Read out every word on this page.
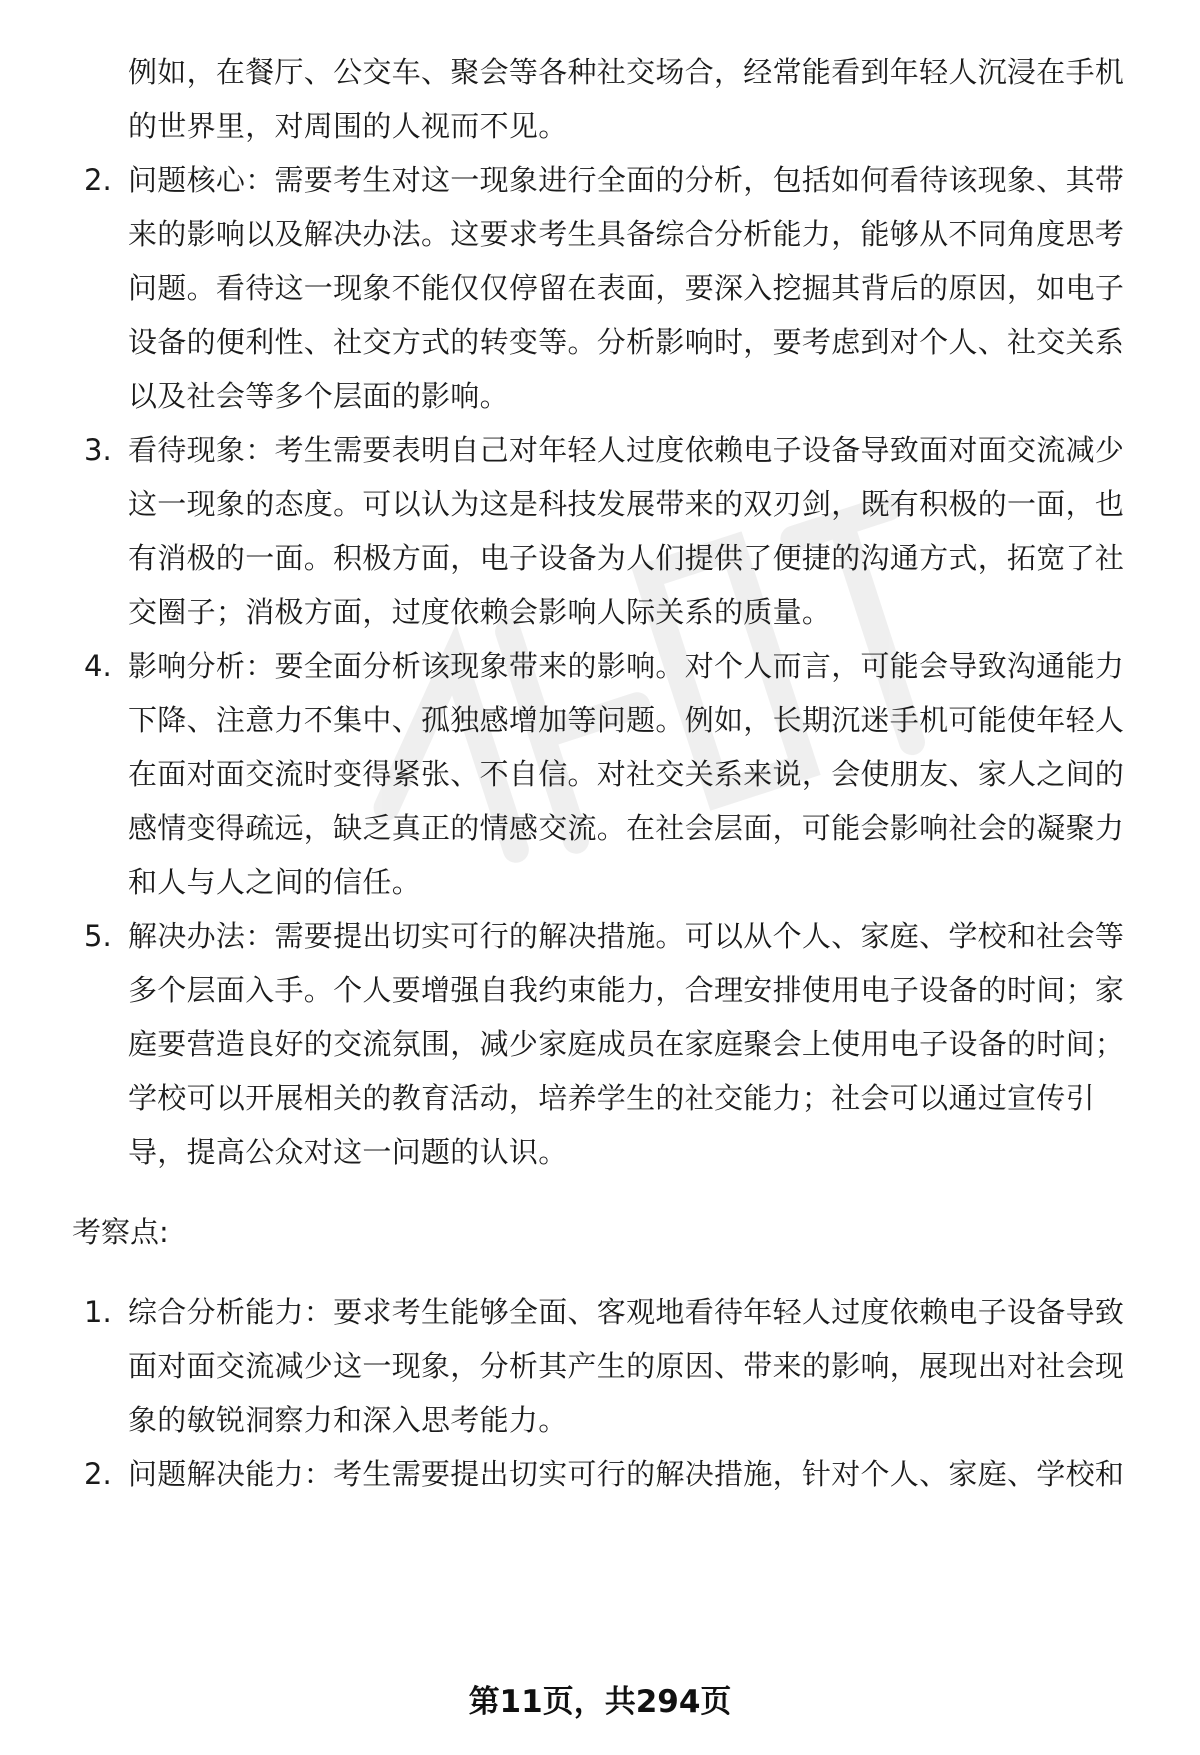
例如，在餐厅、公交车、聚会等各种社交场合，经常能看到年轻人沉浸在手机
的世界里，对周围的人视而不见。
2. 问题核心：需要考生对这一现象进行全面的分析，包括如何看待该现象、其带
来的影响以及解决办法。这要求考生具备综合分析能力，能够从不同角度思考
问题。看待这一现象不能仅仅停留在表面，要深入挖掘其背后的原因，如电子
设备的便利性、社交方式的转变等。分析影响时，要考虑到对个人、社交关系
以及社会等多个层面的影响。
3. 看待现象：考生需要表明自己对年轻人过度依赖电子设备导致面对面交流减少
这一现象的态度。可以认为这是科技发展带来的双刃剑，既有积极的一面，也
有消极的一面。积极方面，电子设备为人们提供了便捷的沟通方式，拓宽了社
交圈子；消极方面，过度依赖会影响人际关系的质量。
4. 影响分析：要全面分析该现象带来的影响。对个人而言，可能会导致沟通能力
下降、注意力不集中、孤独感增加等问题。例如，长期沉迷手机可能使年轻人
在面对面交流时变得紧张、不自信。对社交关系来说，会使朋友、家人之间的
感情变得疏远，缺乏真正的情感交流。在社会层面，可能会影响社会的凝聚力
和人与人之间的信任。
5. 解决办法：需要提出切实可行的解决措施。可以从个人、家庭、学校和社会等
多个层面入手。个人要增强自我约束能力，合理安排使用电子设备的时间；家
庭要营造良好的交流氛围，减少家庭成员在家庭聚会上使用电子设备的时间；
学校可以开展相关的教育活动，培养学生的社交能力；社会可以通过宣传引
导，提高公众对这一问题的认识。
考察点:
1. 综合分析能力：要求考生能够全面、客观地看待年轻人过度依赖电子设备导致
面对面交流减少这一现象，分析其产生的原因、带来的影响，展现出对社会现
象的敏锐洞察力和深入思考能力。
2. 问题解决能力：考生需要提出切实可行的解决措施，针对个人、家庭、学校和
第11页，共294页
